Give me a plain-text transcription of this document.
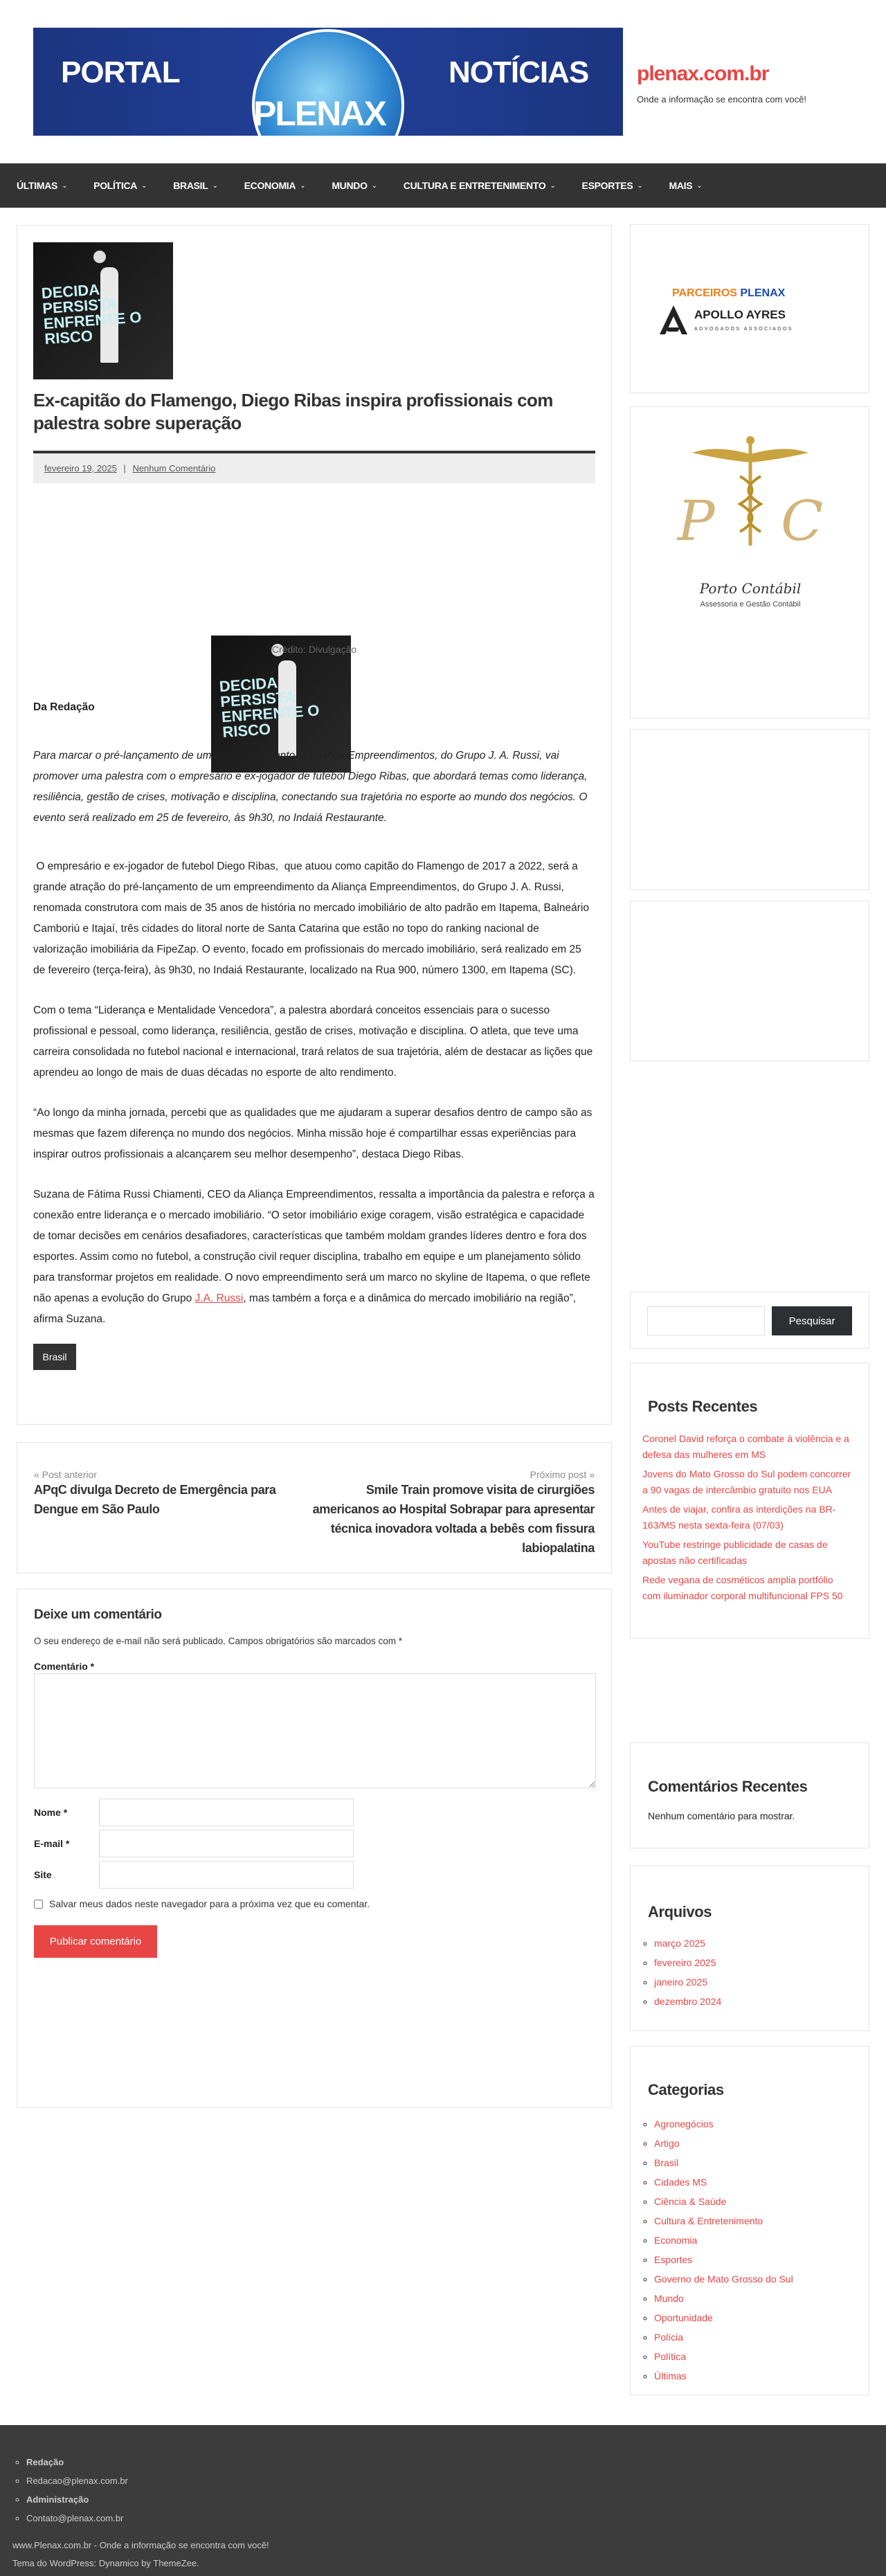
PORTAL	NOTÍCIAS
PLENAX
plenax.com.br
Onde a informação se encontra com você!
ÚLTIMAS ⌄	POLÍTICA ⌄	BRASIL ⌄	ECONOMIA ⌄	MUNDO ⌄	CULTURA E ENTRETENIMENTO ⌄	ESPORTES ⌄	MAIS ⌄
DECIDA PERSISTA ENFRENTE O RISCO
Ex-capitão do Flamengo, Diego Ribas inspira profissionais com palestra sobre superação
fevereiro 19, 2025 | Nenhum Comentário
DECIDA PERSISTA ENFRENTE O RISCO
Crédito: Divulgação

Da Redação

Para marcar o pré-lançamento de um empreendimento, a Aliança Empreendimentos, do Grupo J. A. Russi, vai promover uma palestra com o empresário e ex-jogador de futebol Diego Ribas, que abordará temas como liderança, resiliência, gestão de crises, motivação e disciplina, conectando sua trajetória no esporte ao mundo dos negócios. O evento será realizado em 25 de fevereiro, às 9h30, no Indaiá Restaurante.

O empresário e ex-jogador de futebol Diego Ribas,  que atuou como capitão do Flamengo de 2017 a 2022, será a grande atração do pré-lançamento de um empreendimento da Aliança Empreendimentos, do Grupo J. A. Russi, renomada construtora com mais de 35 anos de história no mercado imobiliário de alto padrão em Itapema, Balneário Camboriú e Itajaí, três cidades do litoral norte de Santa Catarina que estão no topo do ranking nacional de valorização imobiliária da FipeZap. O evento, focado em profissionais do mercado imobiliário, será realizado em 25 de fevereiro (terça-feira), às 9h30, no Indaiá Restaurante, localizado na Rua 900, número 1300, em Itapema (SC).

Com o tema “Liderança e Mentalidade Vencedora”, a palestra abordará conceitos essenciais para o sucesso profissional e pessoal, como liderança, resiliência, gestão de crises, motivação e disciplina. O atleta, que teve uma carreira consolidada no futebol nacional e internacional, trará relatos de sua trajetória, além de destacar as lições que aprendeu ao longo de mais de duas décadas no esporte de alto rendimento.

“Ao longo da minha jornada, percebi que as qualidades que me ajudaram a superar desafios dentro de campo são as mesmas que fazem diferença no mundo dos negócios. Minha missão hoje é compartilhar essas experiências para inspirar outros profissionais a alcançarem seu melhor desempenho”, destaca Diego Ribas.

Suzana de Fátima Russi Chiamenti, CEO da Aliança Empreendimentos, ressalta a importância da palestra e reforça a conexão entre liderança e o mercado imobiliário. “O setor imobiliário exige coragem, visão estratégica e capacidade de tomar decisões em cenários desafiadores, características que também moldam grandes líderes dentro e fora dos esportes. Assim como no futebol, a construção civil requer disciplina, trabalho em equipe e um planejamento sólido para transformar projetos em realidade. O novo empreendimento será um marco no skyline de Itapema, o que reflete não apenas a evolução do Grupo J.A. Russi, mas também a força e a dinâmica do mercado imobiliário na região”, afirma Suzana.

Brasil
« Post anterior
APqC divulga Decreto de Emergência para Dengue em São Paulo
Próximo post »
Smile Train promove visita de cirurgiões americanos ao Hospital Sobrapar para apresentar técnica inovadora voltada a bebês com fissura labiopalatina
Deixe um comentário
O seu endereço de e-mail não será publicado. Campos obrigatórios são marcados com *
Comentário *
Nome *
E-mail *
Site
Salvar meus dados neste navegador para a próxima vez que eu comentar.
Publicar comentário
PARCEIROS PLENAX
APOLLO AYRES
ADVOGADOS ASSOCIADOS
P C
Porto Contábil
Assessoria e Gestão Contábil
Pesquisar
Posts Recentes
Coronel David reforça o combate à violência e a defesa das mulheres em MS
Jovens do Mato Grosso do Sul podem concorrer a 90 vagas de intercâmbio gratuito nos EUA
Antes de viajar, confira as interdições na BR-163/MS nesta sexta-feira (07/03)
YouTube restringe publicidade de casas de apostas não certificadas
Rede vegana de cosméticos amplia portfólio com iluminador corporal multifuncional FPS 50
Comentários Recentes
Nenhum comentário para mostrar.
Arquivos
◦ março 2025
◦ fevereiro 2025
◦ janeiro 2025
◦ dezembro 2024
Categorias
◦ Agronegócios
◦ Artigo
◦ Brasil
◦ Cidades MS
◦ Ciência & Saúde
◦ Cultura & Entretenimento
◦ Economia
◦ Esportes
◦ Governo de Mato Grosso do Sul
◦ Mundo
◦ Oportunidade
◦ Polícia
◦ Política
◦ Últimas
◦ Redação
◦ Redacao@plenax.com.br
◦ Administração
◦ Contato@plenax.com.br
www.Plenax.com.br - Onde a informação se encontra com você!
Tema do WordPress: Dynamico by ThemeZee.
